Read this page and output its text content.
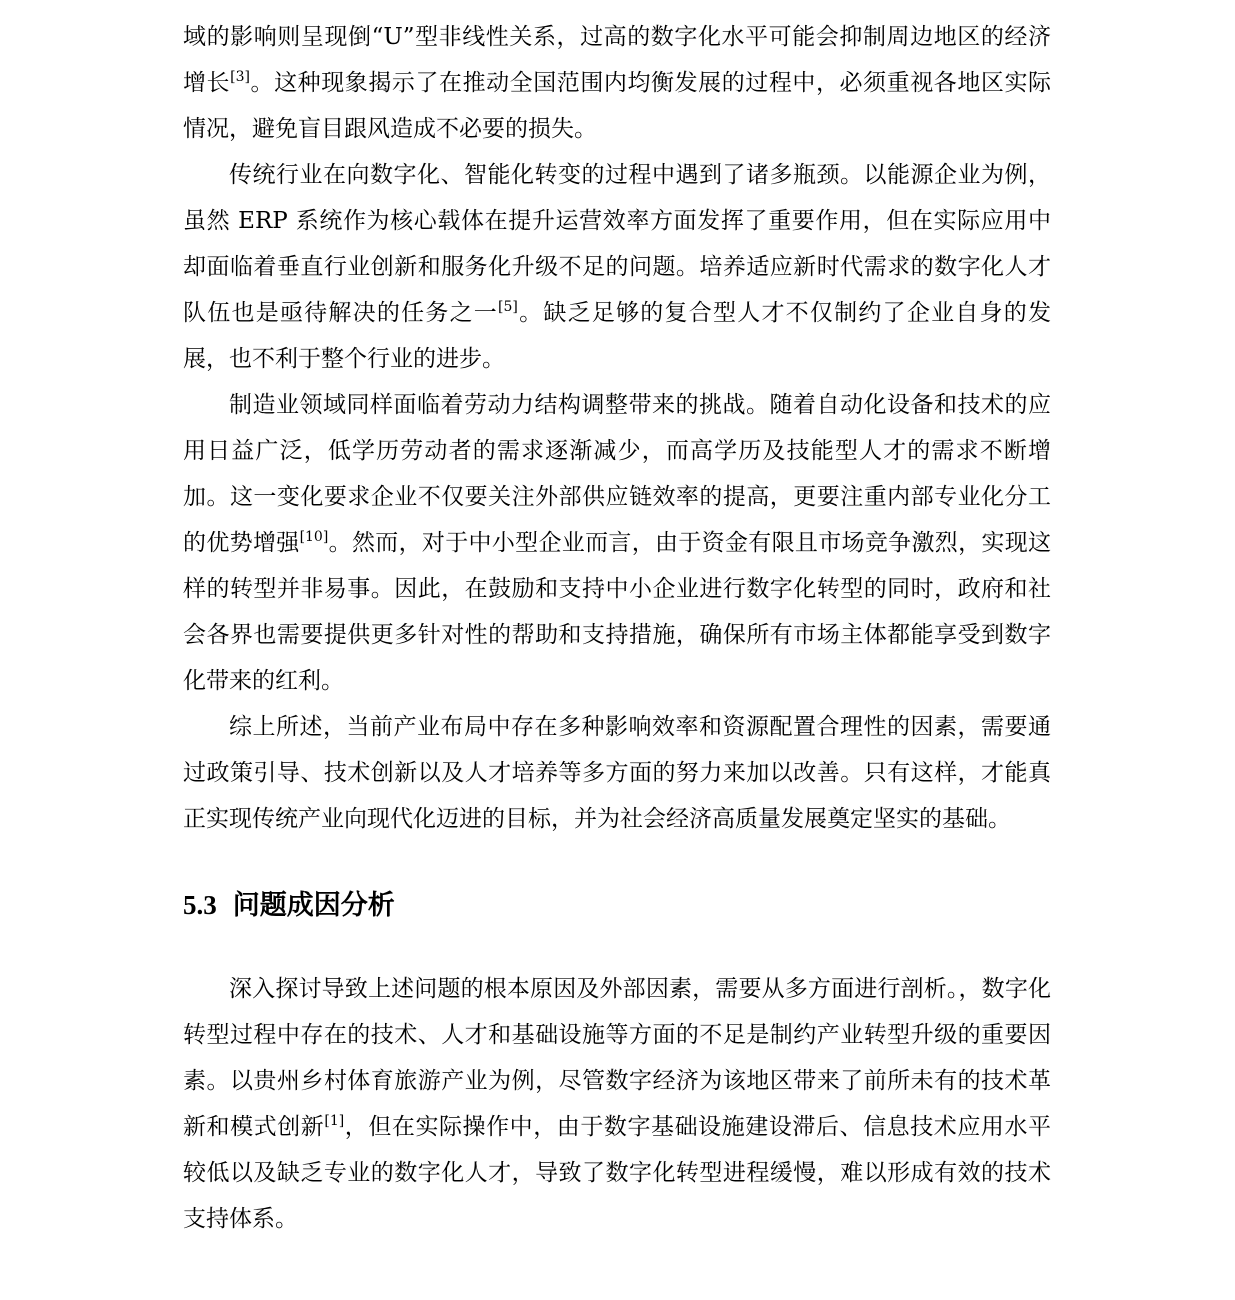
域的影响则呈现倒“U”型非线性关系，过高的数字化水平可能会抑制周边地区的经济增长[3]。这种现象揭示了在推动全国范围内均衡发展的过程中，必须重视各地区实际情况，避免盲目跟风造成不必要的损失。

传统行业在向数字化、智能化转变的过程中遇到了诸多瓶颈。以能源企业为例，虽然 ERP 系统作为核心载体在提升运营效率方面发挥了重要作用，但在实际应用中却面临着垂直行业创新和服务化升级不足的问题。培养适应新时代需求的数字化人才队伍也是亟待解决的任务之一[5]。缺乏足够的复合型人才不仅制约了企业自身的发展，也不利于整个行业的进步。

制造业领域同样面临着劳动力结构调整带来的挑战。随着自动化设备和技术的应用日益广泛，低学历劳动者的需求逐渐减少，而高学历及技能型人才的需求不断增加。这一变化要求企业不仅要关注外部供应链效率的提高，更要注重内部专业化分工的优势增强[10]。然而，对于中小型企业而言，由于资金有限且市场竞争激烈，实现这样的转型并非易事。因此，在鼓励和支持中小企业进行数字化转型的同时，政府和社会各界也需要提供更多针对性的帮助和支持措施，确保所有市场主体都能享受到数字化带来的红利。

综上所述，当前产业布局中存在多种影响效率和资源配置合理性的因素，需要通过政策引导、技术创新以及人才培养等多方面的努力来加以改善。只有这样，才能真正实现传统产业向现代化迈进的目标，并为社会经济高质量发展奠定坚实的基础。

5.3 问题成因分析

深入探讨导致上述问题的根本原因及外部因素，需要从多方面进行剖析。，数字化转型过程中存在的技术、人才和基础设施等方面的不足是制约产业转型升级的重要因素。以贵州乡村体育旅游产业为例，尽管数字经济为该地区带来了前所未有的技术革新和模式创新[1]，但在实际操作中，由于数字基础设施建设滞后、信息技术应用水平较低以及缺乏专业的数字化人才，导致了数字化转型进程缓慢，难以形成有效的技术支持体系。
